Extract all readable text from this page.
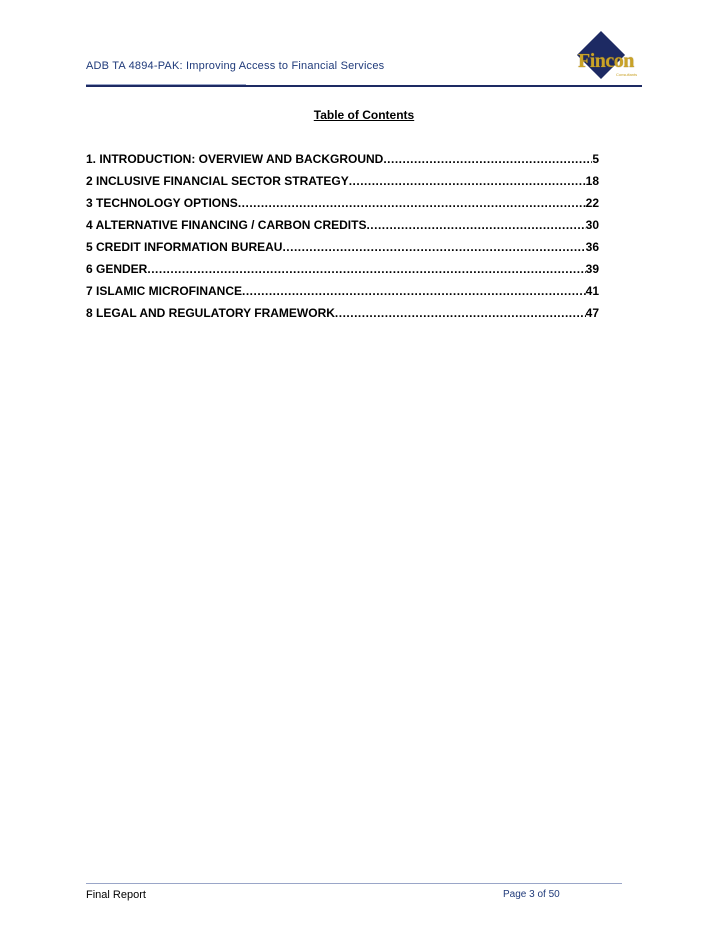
ADB TA 4894-PAK: Improving Access to Financial Services	Fincon
Consultants
Table of Contents
1. INTRODUCTION: OVERVIEW AND BACKGROUND .....	5
2 INCLUSIVE FINANCIAL SECTOR STRATEGY .....	18
3 TECHNOLOGY OPTIONS .....	22
4 ALTERNATIVE FINANCING / CARBON CREDITS .....	30
5 CREDIT INFORMATION BUREAU .....	36
6 GENDER .....	39
7 ISLAMIC MICROFINANCE .....	41
8 LEGAL AND REGULATORY FRAMEWORK .....	47
Final Report	Page 3 of 50
